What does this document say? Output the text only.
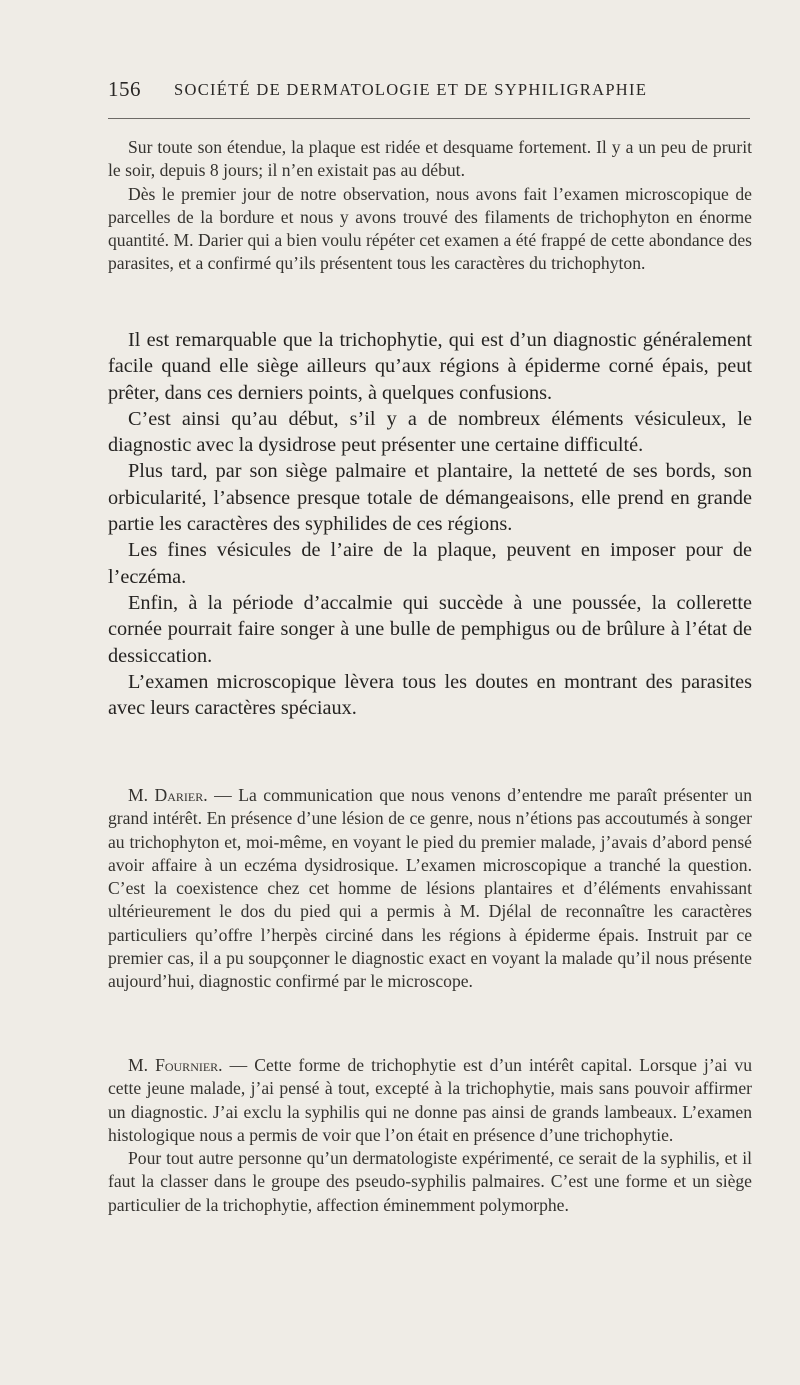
156 SOCIÉTÉ DE DERMATOLOGIE ET DE SYPHILIGRAPHIE

Sur toute son étendue, la plaque est ridée et desquame fortement. Il y a un peu de prurit le soir, depuis 8 jours; il n’en existait pas au début.

Dès le premier jour de notre observation, nous avons fait l’examen microscopique de parcelles de la bordure et nous y avons trouvé des filaments de trichophyton en énorme quantité. M. Darier qui a bien voulu répéter cet examen a été frappé de cette abondance des parasites, et a confirmé qu’ils présentent tous les caractères du trichophyton.

Il est remarquable que la trichophytie, qui est d’un diagnostic généralement facile quand elle siège ailleurs qu’aux régions à épiderme corné épais, peut prêter, dans ces derniers points, à quelques confusions.

C’est ainsi qu’au début, s’il y a de nombreux éléments vésiculeux, le diagnostic avec la dysidrose peut présenter une certaine difficulté.

Plus tard, par son siège palmaire et plantaire, la netteté de ses bords, son orbicularité, l’absence presque totale de démangeaisons, elle prend en grande partie les caractères des syphilides de ces régions.

Les fines vésicules de l’aire de la plaque, peuvent en imposer pour de l’eczéma.

Enfin, à la période d’accalmie qui succède à une poussée, la collerette cornée pourrait faire songer à une bulle de pemphigus ou de brûlure à l’état de dessiccation.

L’examen microscopique lèvera tous les doutes en montrant des parasites avec leurs caractères spéciaux.

M. Darier. — La communication que nous venons d’entendre me paraît présenter un grand intérêt. En présence d’une lésion de ce genre, nous n’étions pas accoutumés à songer au trichophyton et, moi-même, en voyant le pied du premier malade, j’avais d’abord pensé avoir affaire à un eczéma dysidrosique. L’examen microscopique a tranché la question. C’est la coexistence chez cet homme de lésions plantaires et d’éléments envahissant ultérieurement le dos du pied qui a permis à M. Djélal de reconnaître les caractères particuliers qu’offre l’herpès circiné dans les régions à épiderme épais. Instruit par ce premier cas, il a pu soupçonner le diagnostic exact en voyant la malade qu’il nous présente aujourd’hui, diagnostic confirmé par le microscope.

M. Fournier. — Cette forme de trichophytie est d’un intérêt capital. Lorsque j’ai vu cette jeune malade, j’ai pensé à tout, excepté à la trichophytie, mais sans pouvoir affirmer un diagnostic. J’ai exclu la syphilis qui ne donne pas ainsi de grands lambeaux. L’examen histologique nous a permis de voir que l’on était en présence d’une trichophytie.

Pour tout autre personne qu’un dermatologiste expérimenté, ce serait de la syphilis, et il faut la classer dans le groupe des pseudo-syphilis palmaires. C’est une forme et un siège particulier de la trichophytie, affection éminemment polymorphe.
